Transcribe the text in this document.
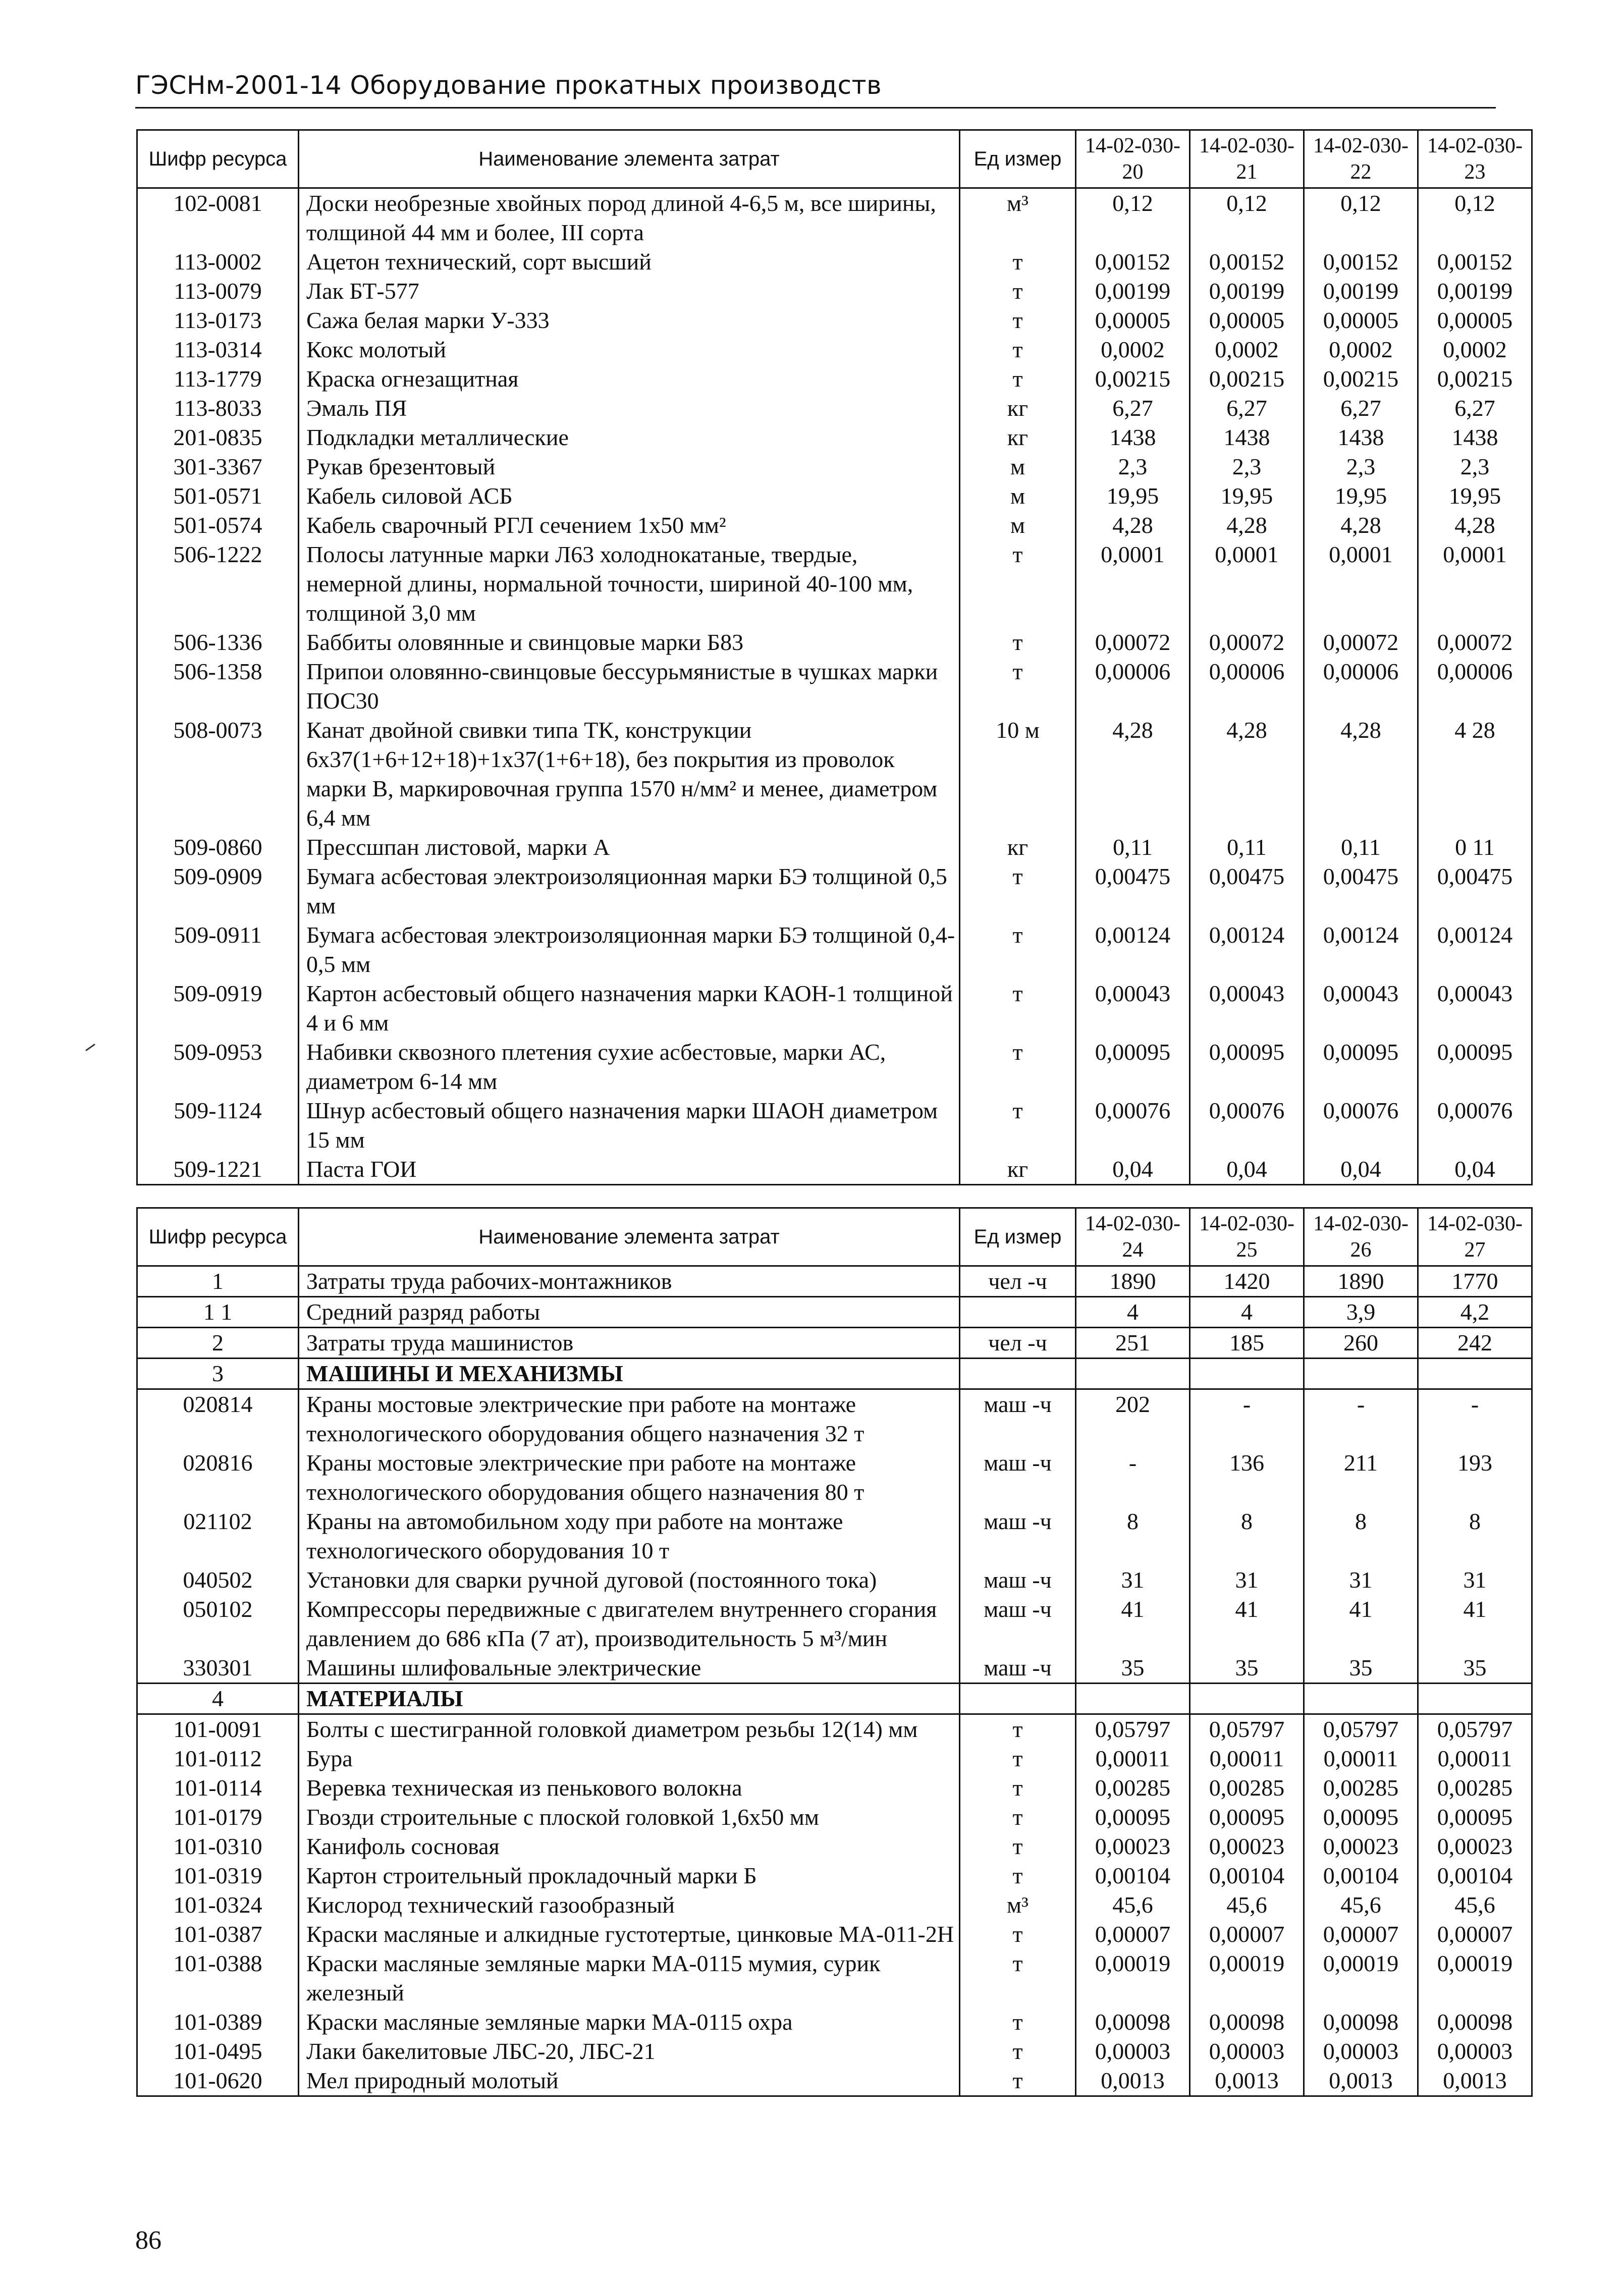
ГЭСНм-2001-14 Оборудование прокатных производств
Шифр ресурса	Наименование элемента затрат	Ед измер	14-02-030-20	14-02-030-21	14-02-030-22	14-02-030-23
102-0081	Доски необрезные хвойных пород длиной 4-6,5 м, все ширины, толщиной 44 мм и более, III сорта	м³	0,12	0,12	0,12	0,12
113-0002	Ацетон технический, сорт высший	т	0,00152	0,00152	0,00152	0,00152
113-0079	Лак БТ-577	т	0,00199	0,00199	0,00199	0,00199
113-0173	Сажа белая марки У-333	т	0,00005	0,00005	0,00005	0,00005
113-0314	Кокс молотый	т	0,0002	0,0002	0,0002	0,0002
113-1779	Краска огнезащитная	т	0,00215	0,00215	0,00215	0,00215
113-8033	Эмаль ПЯ	кг	6,27	6,27	6,27	6,27
201-0835	Подкладки металлические	кг	1438	1438	1438	1438
301-3367	Рукав брезентовый	м	2,3	2,3	2,3	2,3
501-0571	Кабель силовой АСБ	м	19,95	19,95	19,95	19,95
501-0574	Кабель сварочный РГЛ сечением 1х50 мм²	м	4,28	4,28	4,28	4,28
506-1222	Полосы латунные марки Л63 холоднокатаные, твердые, немерной длины, нормальной точности, шириной 40-100 мм, толщиной 3,0 мм	т	0,0001	0,0001	0,0001	0,0001
506-1336	Баббиты оловянные и свинцовые марки Б83	т	0,00072	0,00072	0,00072	0,00072
506-1358	Припои оловянно-свинцовые бессурьмянистые в чушках марки ПОС30	т	0,00006	0,00006	0,00006	0,00006
508-0073	Канат двойной свивки типа ТК, конструкции 6х37(1+6+12+18)+1х37(1+6+18), без покрытия из проволок марки В, маркировочная группа 1570 н/мм² и менее, диаметром 6,4 мм	10 м	4,28	4,28	4,28	4 28
509-0860	Прессшпан листовой, марки А	кг	0,11	0,11	0,11	0 11
509-0909	Бумага асбестовая электроизоляционная марки БЭ толщиной 0,5 мм	т	0,00475	0,00475	0,00475	0,00475
509-0911	Бумага асбестовая электроизоляционная марки БЭ толщиной 0,4-0,5 мм	т	0,00124	0,00124	0,00124	0,00124
509-0919	Картон асбестовый общего назначения марки КАОН-1 толщиной 4 и 6 мм	т	0,00043	0,00043	0,00043	0,00043
509-0953	Набивки сквозного плетения сухие асбестовые, марки АС, диаметром 6-14 мм	т	0,00095	0,00095	0,00095	0,00095
509-1124	Шнур асбестовый общего назначения марки ШАОН диаметром 15 мм	т	0,00076	0,00076	0,00076	0,00076
509-1221	Паста ГОИ	кг	0,04	0,04	0,04	0,04
Шифр ресурса	Наименование элемента затрат	Ед измер	14-02-030-24	14-02-030-25	14-02-030-26	14-02-030-27
1	Затраты труда рабочих-монтажников	чел -ч	1890	1420	1890	1770
1 1	Средний разряд работы		4	4	3,9	4,2
2	Затраты труда машинистов	чел -ч	251	185	260	242
3	МАШИНЫ И МЕХАНИЗМЫ					
020814	Краны мостовые электрические при работе на монтаже технологического оборудования общего назначения 32 т	маш -ч	202	-	-	-
020816	Краны мостовые электрические при работе на монтаже технологического оборудования общего назначения 80 т	маш -ч	-	136	211	193
021102	Краны на автомобильном ходу при работе на монтаже технологического оборудования 10 т	маш -ч	8	8	8	8
040502	Установки для сварки ручной дуговой (постоянного тока)	маш -ч	31	31	31	31
050102	Компрессоры передвижные с двигателем внутреннего сгорания давлением до 686 кПа (7 ат), производительность 5 м³/мин	маш -ч	41	41	41	41
330301	Машины шлифовальные электрические	маш -ч	35	35	35	35
4	МАТЕРИАЛЫ					
101-0091	Болты с шестигранной головкой диаметром резьбы 12(14) мм	т	0,05797	0,05797	0,05797	0,05797
101-0112	Бура	т	0,00011	0,00011	0,00011	0,00011
101-0114	Веревка техническая из пенькового волокна	т	0,00285	0,00285	0,00285	0,00285
101-0179	Гвозди строительные с плоской головкой 1,6х50 мм	т	0,00095	0,00095	0,00095	0,00095
101-0310	Канифоль сосновая	т	0,00023	0,00023	0,00023	0,00023
101-0319	Картон строительный прокладочный марки Б	т	0,00104	0,00104	0,00104	0,00104
101-0324	Кислород технический газообразный	м³	45,6	45,6	45,6	45,6
101-0387	Краски масляные и алкидные густотертые, цинковые МА-011-2Н	т	0,00007	0,00007	0,00007	0,00007
101-0388	Краски масляные земляные марки МА-0115 мумия, сурик железный	т	0,00019	0,00019	0,00019	0,00019
101-0389	Краски масляные земляные марки МА-0115 охра	т	0,00098	0,00098	0,00098	0,00098
101-0495	Лаки бакелитовые ЛБС-20, ЛБС-21	т	0,00003	0,00003	0,00003	0,00003
101-0620	Мел природный молотый	т	0,0013	0,0013	0,0013	0,0013
86
